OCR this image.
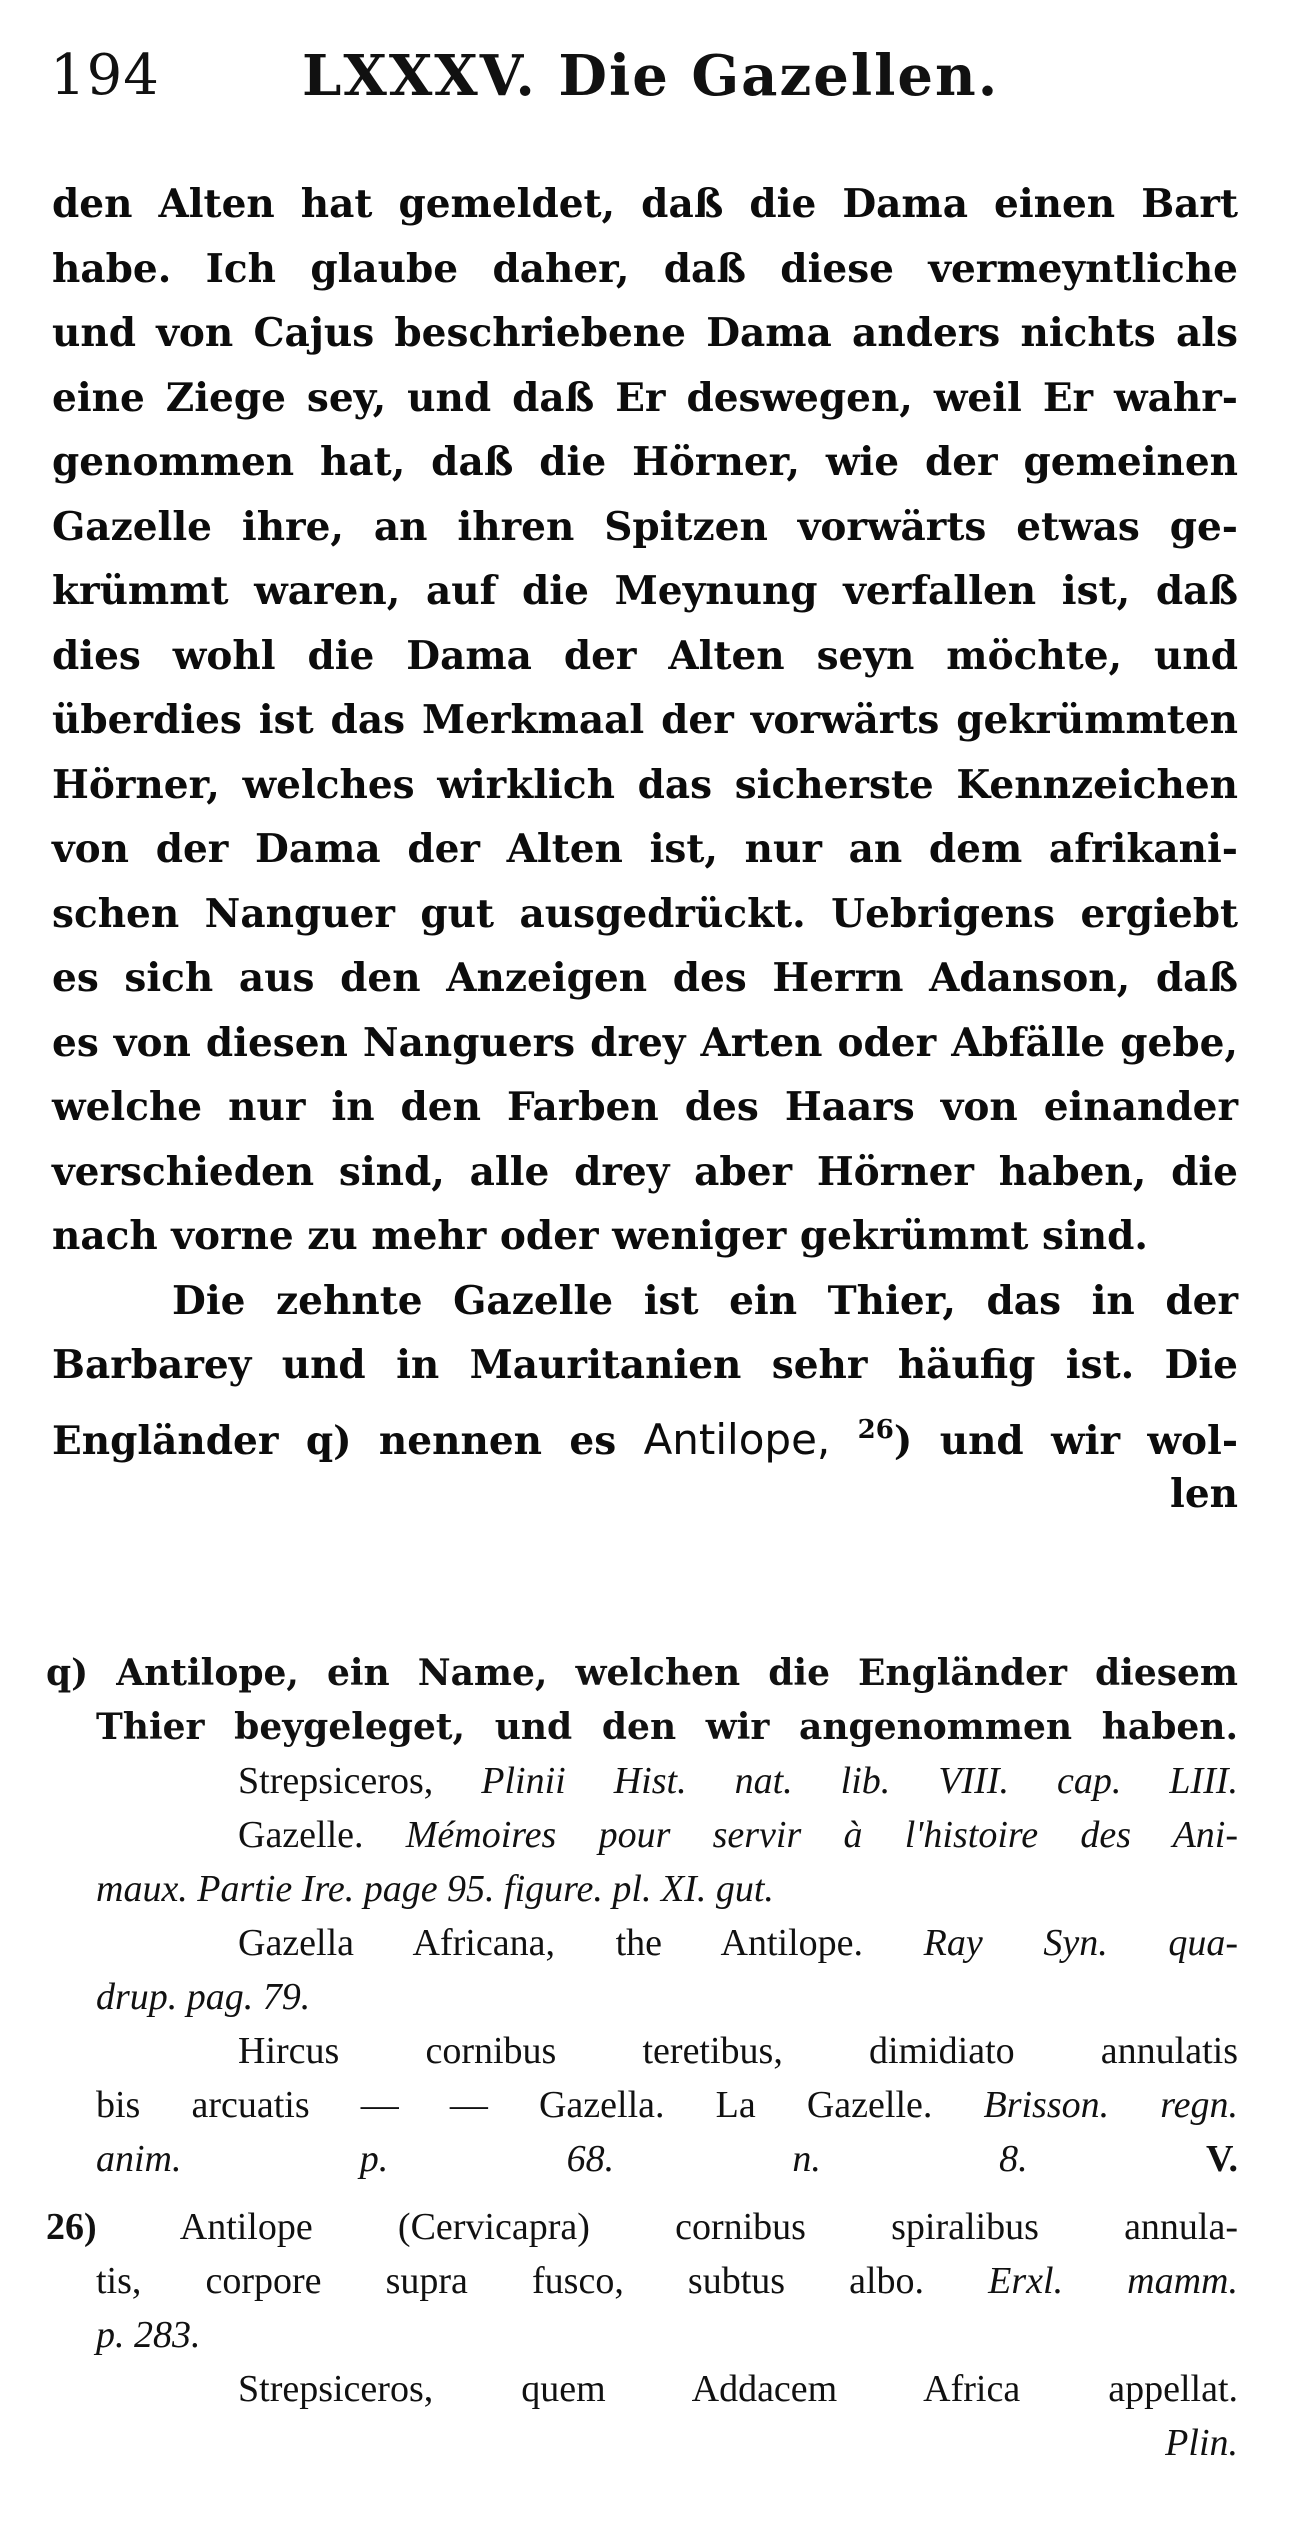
194	LXXXV. Die Gazellen.
den Alten hat gemeldet, daß die Dama einen Bart
habe. Ich glaube daher, daß diese vermeyntliche
und von Cajus beschriebene Dama anders nichts als
eine Ziege sey, und daß Er deswegen, weil Er wahr-
genommen hat, daß die Hörner, wie der gemeinen
Gazelle ihre, an ihren Spitzen vorwärts etwas ge-
krümmt waren, auf die Meynung verfallen ist, daß
dies wohl die Dama der Alten seyn möchte, und
überdies ist das Merkmaal der vorwärts gekrümmten
Hörner, welches wirklich das sicherste Kennzeichen
von der Dama der Alten ist, nur an dem afrikani-
schen Nanguer gut ausgedrückt. Uebrigens ergiebt
es sich aus den Anzeigen des Herrn Adanson, daß
es von diesen Nanguers drey Arten oder Abfälle gebe,
welche nur in den Farben des Haars von einander
verschieden sind, alle drey aber Hörner haben, die
nach vorne zu mehr oder weniger gekrümmt sind.
Die zehnte Gazelle ist ein Thier, das in der
Barbarey und in Mauritanien sehr häufig ist. Die
Engländer q) nennen es Antilope, $^{26}$) und wir wol-
len
q) Antilope, ein Name, welchen die Engländer diesem
Thier beygeleget, und den wir angenommen haben.
Strepsiceros, Plinii Hist. nat. lib. VIII. cap. LIII.
Gazelle. Mémoires pour servir à l'histoire des Ani-
maux. Partie Ire. page 95. figure. pl. XI. gut.
Gazella Africana, the Antilope. Ray Syn. qua-
drup. pag. 79.
Hircus cornibus teretibus, dimidiato annulatis
bis arcuatis — — Gazella. La Gazelle. Brisson. regn.
anim. p. 68. n. 8.	V.
26) Antilope (Cervicapra) cornibus spiralibus annula-
tis, corpore supra fusco, subtus albo. Erxl. mamm.
p. 283.
Strepsiceros, quem Addacem Africa appellat.
Plin.
